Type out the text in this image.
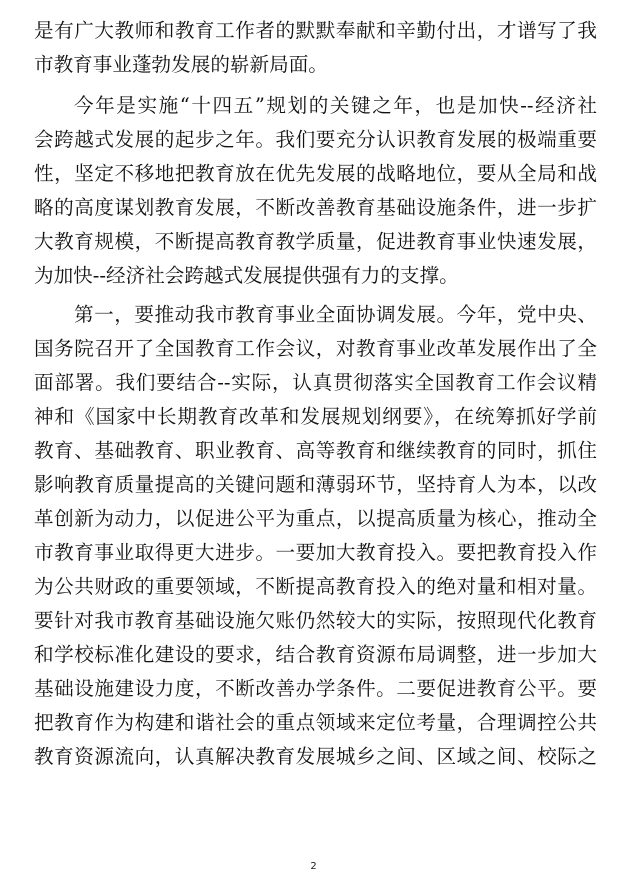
是有广大教师和教育工作者的默默奉献和辛勤付出，才谱写了我
市教育事业蓬勃发展的崭新局面。
今年是实施“十四五”规划的关键之年，也是加快--经济社
会跨越式发展的起步之年。我们要充分认识教育发展的极端重要
性，坚定不移地把教育放在优先发展的战略地位，要从全局和战
略的高度谋划教育发展，不断改善教育基础设施条件，进一步扩
大教育规模，不断提高教育教学质量，促进教育事业快速发展，
为加快--经济社会跨越式发展提供强有力的支撑。
第一，要推动我市教育事业全面协调发展。今年，党中央、
国务院召开了全国教育工作会议，对教育事业改革发展作出了全
面部署。我们要结合--实际，认真贯彻落实全国教育工作会议精
神和《国家中长期教育改革和发展规划纲要》，在统筹抓好学前
教育、基础教育、职业教育、高等教育和继续教育的同时，抓住
影响教育质量提高的关键问题和薄弱环节，坚持育人为本，以改
革创新为动力，以促进公平为重点，以提高质量为核心，推动全
市教育事业取得更大进步。一要加大教育投入。要把教育投入作
为公共财政的重要领域，不断提高教育投入的绝对量和相对量。
要针对我市教育基础设施欠账仍然较大的实际，按照现代化教育
和学校标准化建设的要求，结合教育资源布局调整，进一步加大
基础设施建设力度，不断改善办学条件。二要促进教育公平。要
把教育作为构建和谐社会的重点领域来定位考量，合理调控公共
教育资源流向，认真解决教育发展城乡之间、区域之间、校际之
2
